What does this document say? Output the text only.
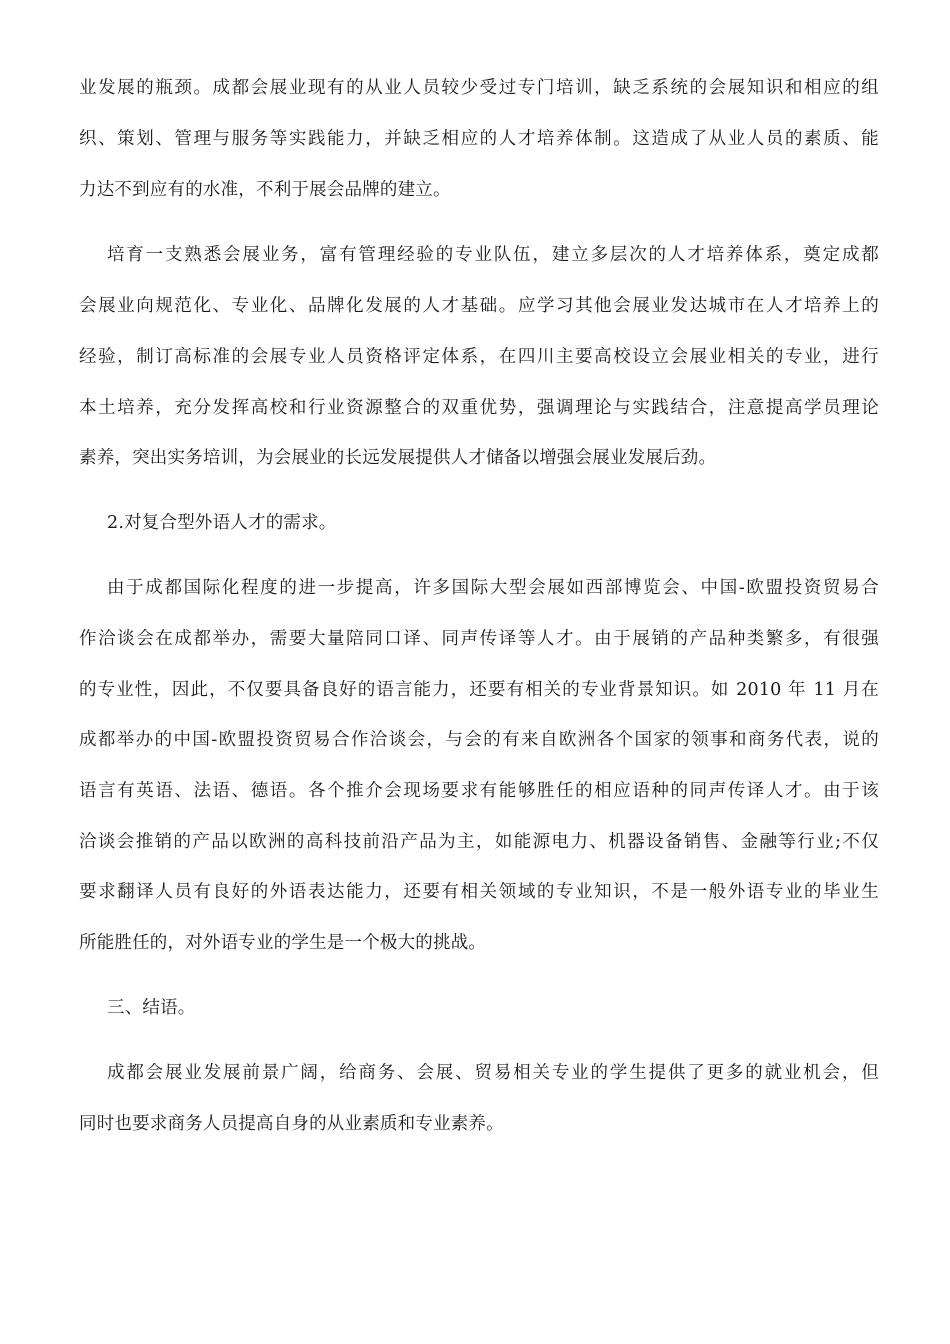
业发展的瓶颈。成都会展业现有的从业人员较少受过专门培训，缺乏系统的会展知识和相应的组

织、策划、管理与服务等实践能力，并缺乏相应的人才培养体制。这造成了从业人员的素质、能

力达不到应有的水准，不利于展会品牌的建立。

培育一支熟悉会展业务，富有管理经验的专业队伍，建立多层次的人才培养体系，奠定成都

会展业向规范化、专业化、品牌化发展的人才基础。应学习其他会展业发达城市在人才培养上的

经验，制订高标准的会展专业人员资格评定体系，在四川主要高校设立会展业相关的专业，进行

本土培养，充分发挥高校和行业资源整合的双重优势，强调理论与实践结合，注意提高学员理论

素养，突出实务培训，为会展业的长远发展提供人才储备以增强会展业发展后劲。

2.对复合型外语人才的需求。

由于成都国际化程度的进一步提高，许多国际大型会展如西部博览会、中国-欧盟投资贸易合

作洽谈会在成都举办，需要大量陪同口译、同声传译等人才。由于展销的产品种类繁多，有很强

的专业性，因此，不仅要具备良好的语言能力，还要有相关的专业背景知识。如 2010 年 11 月在

成都举办的中国-欧盟投资贸易合作洽谈会，与会的有来自欧洲各个国家的领事和商务代表，说的

语言有英语、法语、德语。各个推介会现场要求有能够胜任的相应语种的同声传译人才。由于该

洽谈会推销的产品以欧洲的高科技前沿产品为主，如能源电力、机器设备销售、金融等行业;不仅

要求翻译人员有良好的外语表达能力，还要有相关领域的专业知识，不是一般外语专业的毕业生

所能胜任的，对外语专业的学生是一个极大的挑战。

三、结语。

成都会展业发展前景广阔，给商务、会展、贸易相关专业的学生提供了更多的就业机会，但

同时也要求商务人员提高自身的从业素质和专业素养。
